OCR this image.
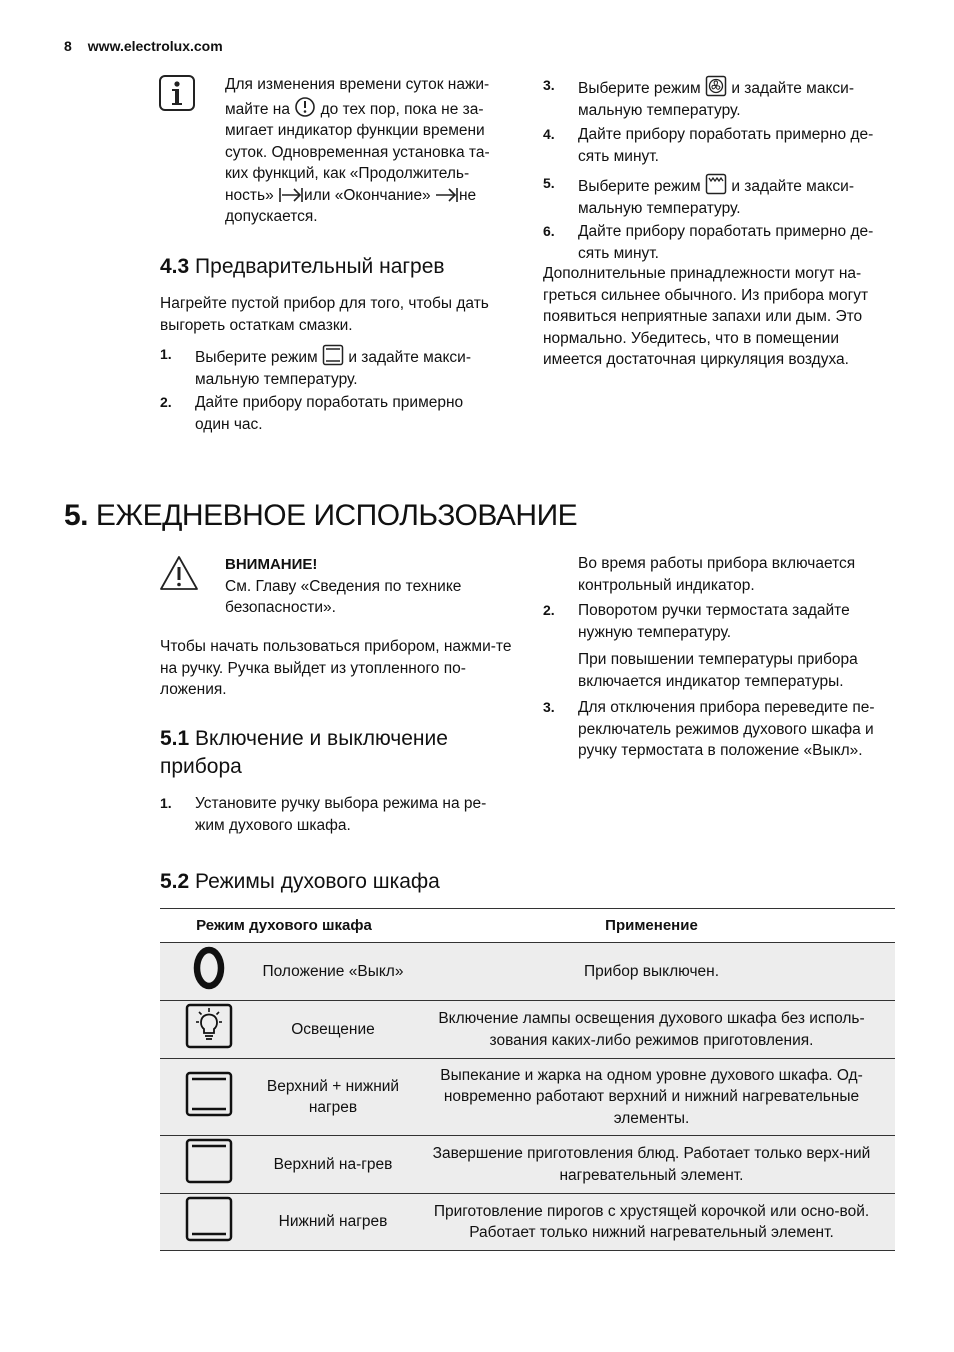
8 www.electrolux.com
Для изменения времени суток нажи-
майте на до тех пор, пока не за-
мигает индикатор функции времени
суток. Одновременная установка та-
ких функций, как «Продолжитель-
ность» или «Окончание» не
допускается.
4.3 Предварительный нагрев
Нагрейте пустой прибор для того, чтобы дать выгореть остаткам смазки.
1. Выберите режим и задайте макси-
мальную температуру.
2. Дайте прибору поработать примерно один час.
3. Выберите режим и задайте макси-
мальную температуру.
4. Дайте прибору поработать примерно де-сять минут.
5. Выберите режим и задайте макси-
мальную температуру.
6. Дайте прибору поработать примерно де-сять минут.
Дополнительные принадлежности могут на-греться сильнее обычного. Из прибора могут появиться неприятные запахи или дым. Это нормально. Убедитесь, что в помещении имеется достаточная циркуляция воздуха.
5. ЕЖЕДНЕВНОЕ ИСПОЛЬЗОВАНИЕ
ВНИМАНИЕ!
См. Главу «Сведения по технике безопасности».
Чтобы начать пользоваться прибором, нажми-те на ручку. Ручка выйдет из утопленного по-ложения.
5.1 Включение и выключение прибора
1. Установите ручку выбора режима на ре-жим духового шкафа.
Во время работы прибора включается контрольный индикатор.
2. Поворотом ручки термостата задайте нужную температуру.
При повышении температуры прибора включается индикатор температуры.
3. Для отключения прибора переведите пе-реключатель режимов духового шкафа и ручку термостата в положение «Выкл».
5.2 Режимы духового шкафа
Режим духового шкафа		Применение
	Положение «Выкл»	Прибор выключен.
	Освещение	Включение лампы освещения духового шкафа без исполь-зования каких-либо режимов приготовления.
	Верхний + нижний нагрев	Выпекание и жарка на одном уровне духового шкафа. Од-новременно работают верхний и нижний нагревательные элементы.
	Верхний на-грев	Завершение приготовления блюд. Работает только верх-ний нагревательный элемент.
	Нижний нагрев	Приготовление пирогов с хрустящей корочкой или осно-вой. Работает только нижний нагревательный элемент.
